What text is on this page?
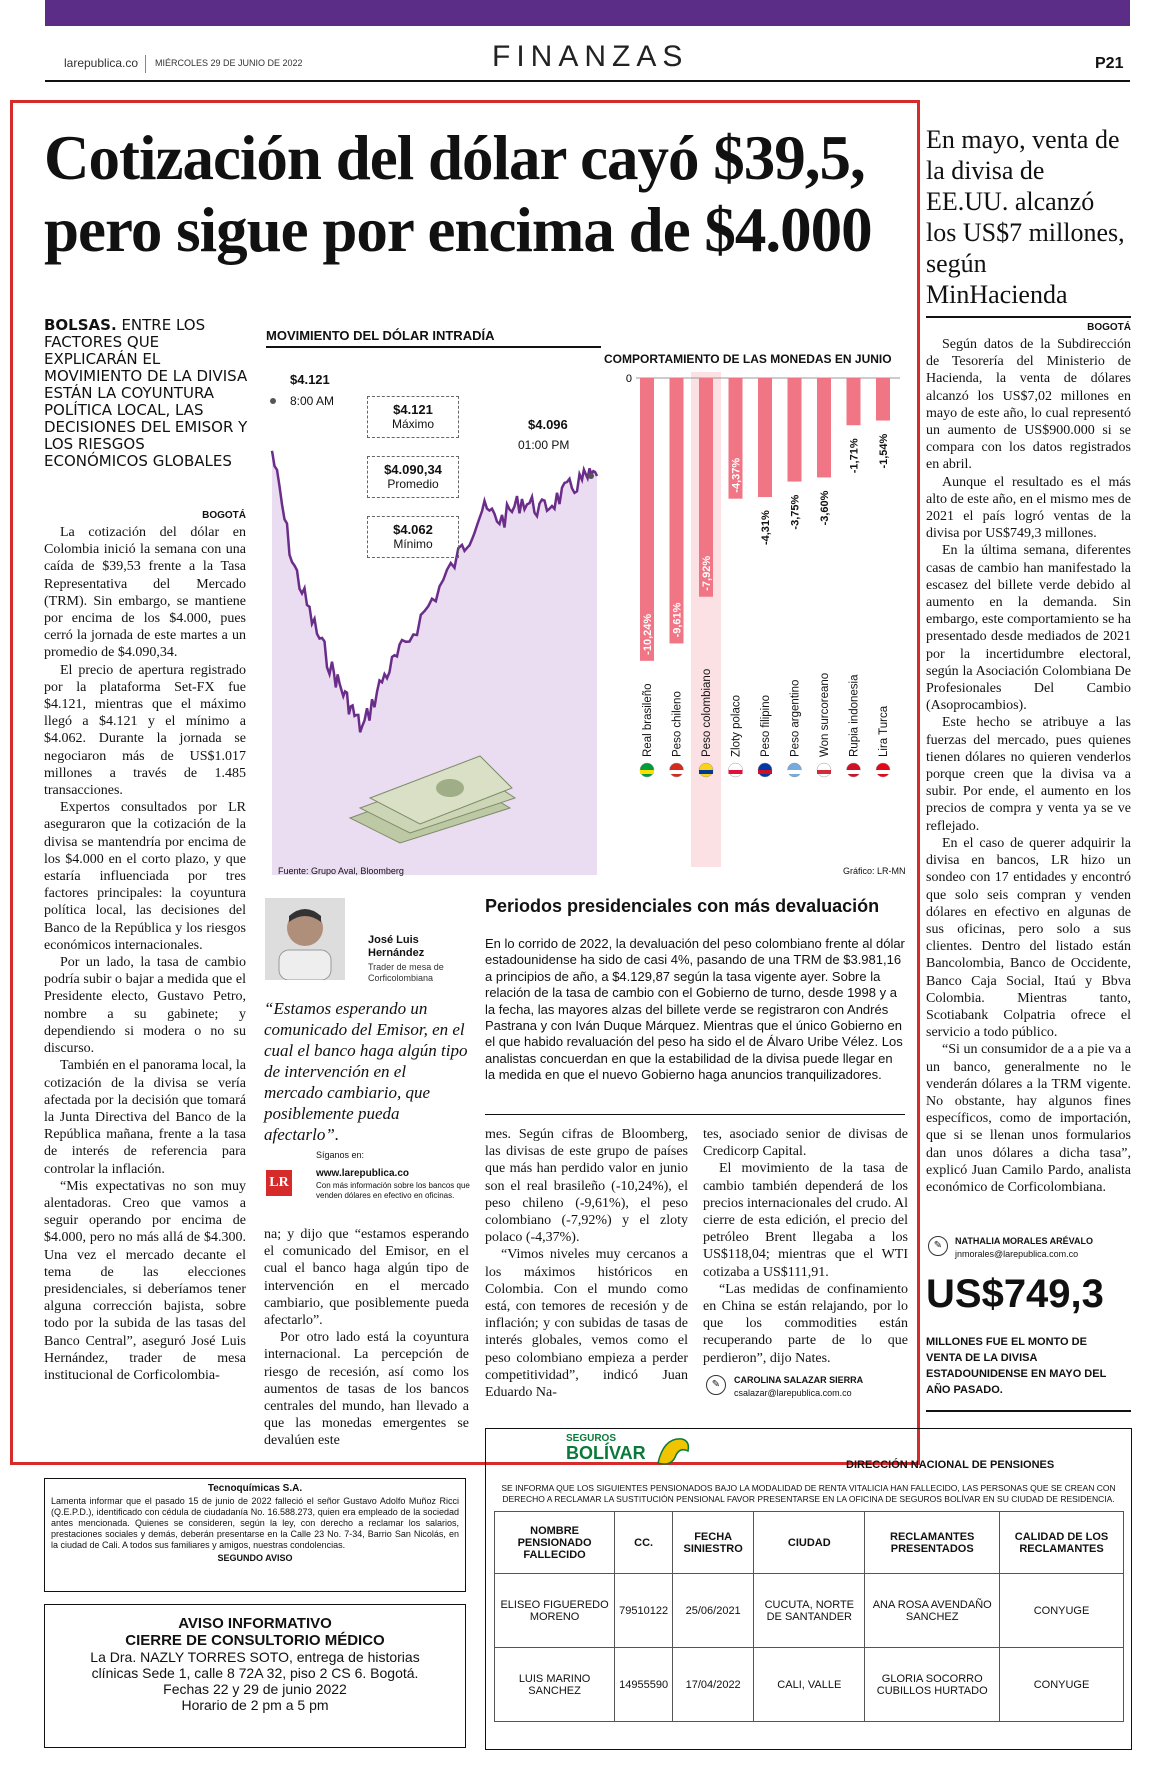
larepublica.co MIÉRCOLES 29 DE JUNIO DE 2022	FINANZAS	P21
Cotización del dólar cayó $39,5,
pero sigue por encima de $4.000
BOLSAS. ENTRE LOS FACTORES QUE EXPLICARÁN EL MOVIMIENTO DE LA DIVISA ESTÁN LA COYUNTURA POLÍTICA LOCAL, LAS DECISIONES DEL EMISOR Y LOS RIESGOS ECONÓMICOS GLOBALES
BOGOTÁ

La cotización del dólar en Colombia inició la semana con una caída de $39,53 frente a la Tasa Representativa del Mercado (TRM). Sin embargo, se mantiene por encima de los $4.000, pues cerró la jornada de este martes a un promedio de $4.090,34.

El precio de apertura registrado por la plataforma Set-FX fue $4.121, mientras que el máximo llegó a $4.121 y el mínimo a $4.062. Durante la jornada se negociaron más de US$1.017 millones a través de 1.485 transacciones.

Expertos consultados por LR aseguraron que la cotización de la divisa se mantendría por encima de los $4.000 en el corto plazo, y que estaría influenciada por tres factores principales: la coyuntura política local, las decisiones del Banco de la República y los riesgos económicos internacionales.

Por un lado, la tasa de cambio podría subir o bajar a medida que el Presidente electo, Gustavo Petro, nombre a su gabinete; y dependiendo si modera o no su discurso.

También en el panorama local, la cotización de la divisa se vería afectada por la decisión que tomará la Junta Directiva del Banco de la República mañana, frente a la tasa de interés de referencia para controlar la inflación.

“Mis expectativas no son muy alentadoras. Creo que vamos a seguir operando por encima de $4.000, pero no más allá de $4.300. Una vez el mercado decante el tema de las elecciones presidenciales, si deberíamos tener alguna corrección bajista, sobre todo por la subida de las tasas del Banco Central”, aseguró José Luis Hernández, trader de mesa institucional de Corficolombia-

MOVIMIENTO DEL DÓLAR INTRADÍA
$4.121
8:00 AM
$4.096
01:00 PM
$4.121
Máximo
$4.090,34
Promedio
$4.062
Mínimo
Fuente: Grupo Aval, Bloomberg
COMPORTAMIENTO DE LAS MONEDAS EN JUNIO
0
-10,24%
Real brasileño
-9,61%
Peso chileno
-7,92%
Peso colombiano
-4,37%
Zloty polaco
-4,31%
Peso filipino
-3,75%
Peso argentino
-3,60%
Won surcoreano
-1,71%
Rupia indonesia
-1,54%
Lira Turca
Gráfico: LR-MN
José Luis Hernández
Trader de mesa de Corficolombiana
“Estamos esperando un comunicado del Emisor, en el cual el banco haga algún tipo de intervención en el mercado cambiario, que posiblemente pueda afectarlo”.
Síganos en:
LR
www.larepublica.co
Con más información sobre los bancos que venden dólares en efectivo en oficinas.

na; y dijo que “estamos esperando el comunicado del Emisor, en el cual el banco haga algún tipo de intervención en el mercado cambiario, que posiblemente pueda afectarlo”.

Por otro lado está la coyuntura internacional. La percepción de riesgo de recesión, así como los aumentos de tasas de los bancos centrales del mundo, han llevado a que las monedas emergentes se devalúen este

Periodos presidenciales con más devaluación
En lo corrido de 2022, la devaluación del peso colombiano frente al dólar estadounidense ha sido de casi 4%, pasando de una TRM de $3.981,16 a principios de año, a $4.129,87 según la tasa vigente ayer. Sobre la relación de la tasa de cambio con el Gobierno de turno, desde 1998 y a la fecha, las mayores alzas del billete verde se registraron con Andrés Pastrana y con Iván Duque Márquez. Mientras que el único Gobierno en el que habido revaluación del peso ha sido el de Álvaro Uribe Vélez. Los analistas concuerdan en que la estabilidad de la divisa puede llegar en la medida en que el nuevo Gobierno haga anuncios tranquilizadores.

mes. Según cifras de Bloomberg, las divisas de este grupo de países que más han perdido valor en junio son el real brasileño (-10,24%), el peso chileno (-9,61%), el peso colombiano (-7,92%) y el zloty polaco (-4,37%).

“Vimos niveles muy cercanos a los máximos históricos en Colombia. Con el mundo como está, con temores de recesión y de inflación; y con subidas de tasas de interés globales, vemos como el peso colombiano empieza a perder competitividad”, indicó Juan Eduardo Na-

tes, asociado senior de divisas de Credicorp Capital.

El movimiento de la tasa de cambio también dependerá de los precios internacionales del crudo. Al cierre de esta edición, el precio del petróleo Brent llegaba a los US$118,04; mientras que el WTI cotizaba a US$111,91.

“Las medidas de confinamiento en China se están relajando, por lo que los commodities están recuperando parte de lo que perdieron”, dijo Nates.

✎	CAROLINA SALAZAR SIERRA
csalazar@larepublica.com.co
En mayo, venta de la divisa de EE.UU. alcanzó los US$7 millones, según MinHacienda
BOGOTÁ

Según datos de la Subdirección de Tesorería del Ministerio de Hacienda, la venta de dólares alcanzó los US$7,02 millones en mayo de este año, lo cual representó un aumento de US$900.000 si se compara con los datos registrados en abril.

Aunque el resultado es el más alto de este año, en el mismo mes de 2021 el país logró ventas de la divisa por US$749,3 millones.

En la última semana, diferentes casas de cambio han manifestado la escasez del billete verde debido al aumento en la demanda. Sin embargo, este comportamiento se ha presentado desde mediados de 2021 por la incertidumbre electoral, según la Asociación Colombiana De Profesionales Del Cambio (Asoprocambios).

Este hecho se atribuye a las fuerzas del mercado, pues quienes tienen dólares no quieren venderlos porque creen que la divisa va a subir. Por ende, el aumento en los precios de compra y venta ya se ve reflejado.

En el caso de querer adquirir la divisa en bancos, LR hizo un sondeo con 17 entidades y encontró que solo seis compran y venden dólares en efectivo en algunas de sus oficinas, pero solo a sus clientes. Dentro del listado están Bancolombia, Banco de Occidente, Banco Caja Social, Itaú y Bbva Colombia. Mientras tanto, Scotiabank Colpatria ofrece el servicio a todo público.

“Si un consumidor de a a pie va a un banco, generalmente no le venderán dólares a la TRM vigente. No obstante, hay algunos fines específicos, como de importación, que si se llenan unos formularios dan unos dólares a dicha tasa”, explicó Juan Camilo Pardo, analista económico de Corficolombiana.

✎	NATHALIA MORALES ARÉVALO
jnmorales@larepublica.com.co
US$749,3
MILLONES FUE EL MONTO DE VENTA DE LA DIVISA ESTADOUNIDENSE EN MAYO DEL AÑO PASADO.
Tecnoquímicas S.A.
Lamenta informar que el pasado 15 de junio de 2022 falleció el señor Gustavo Adolfo Muñoz Ricci (Q.E.P.D.), identificado con cédula de ciudadanía No. 16.588.273, quien era empleado de la sociedad antes mencionada. Quienes se consideren, según la ley, con derecho a reclamar los salarios, prestaciones sociales y demás, deberán presentarse en la Calle 23 No. 7-34, Barrio San Nicolás, en la ciudad de Cali. A todos sus familiares y amigos, nuestras condolencias.
SEGUNDO AVISO
AVISO INFORMATIVO
CIERRE DE CONSULTORIO MÉDICO
La Dra. NAZLY TORRES SOTO, entrega de historias
clínicas Sede 1, calle 8 72A 32, piso 2 CS 6. Bogotá.
Fechas 22 y 29 de junio 2022
Horario de 2 pm a 5 pm
SEGUROS
BOLÍVAR
DIRECCIÓN NACIONAL DE PENSIONES
SE INFORMA QUE LOS SIGUIENTES PENSIONADOS BAJO LA MODALIDAD DE RENTA VITALICIA HAN FALLECIDO, LAS PERSONAS QUE SE CREAN CON DERECHO A RECLAMAR LA SUSTITUCIÓN PENSIONAL FAVOR PRESENTARSE EN LA OFICINA DE SEGUROS BOLÍVAR EN SU CIUDAD DE RESIDENCIA.
NOMBRE PENSIONADO FALLECIDO	CC.	FECHA SINIESTRO	CIUDAD	RECLAMANTES PRESENTADOS	CALIDAD DE LOS RECLAMANTES
ELISEO FIGUEREDO MORENO	79510122	25/06/2021	CUCUTA, NORTE DE SANTANDER	ANA ROSA AVENDAÑO SANCHEZ	CONYUGE
LUIS MARINO SANCHEZ	14955590	17/04/2022	CALI, VALLE	GLORIA SOCORRO CUBILLOS HURTADO	CONYUGE
